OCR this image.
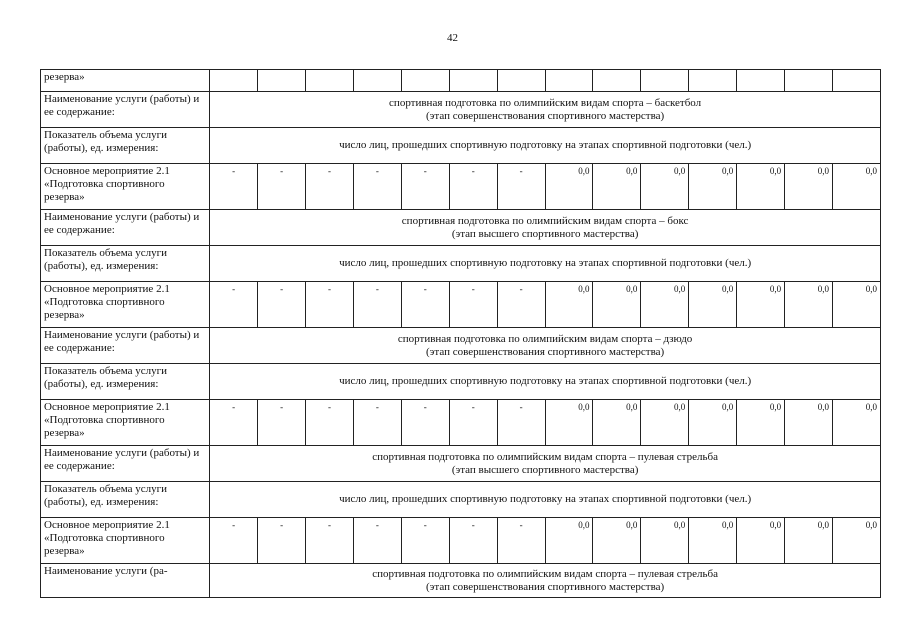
42
резерва»														
Наименование услуги (работы) и ее содержание:	спортивная подготовка по олимпийским видам спорта – баскетбол
(этап совершенствования спортивного мастерства)													

Показатель объема услуги (работы), ед. измерения:	число лиц, прошедших спортивную подготовку на этапах спортивной подготовки (чел.)													
Основное мероприятие 2.1 «Подготовка спортивного резерва»	-	-	-	-	-	-	-	0,0	0,0	0,0	0,0	0,0	0,0	0,0
Наименование услуги (работы) и ее содержание:	спортивная подготовка по олимпийским видам спорта – бокс
(этап высшего спортивного мастерства)													

Показатель объема услуги (работы), ед. измерения:	число лиц, прошедших спортивную подготовку на этапах спортивной подготовки (чел.)													
Основное мероприятие 2.1 «Подготовка спортивного резерва»	-	-	-	-	-	-	-	0,0	0,0	0,0	0,0	0,0	0,0	0,0
Наименование услуги (работы) и ее содержание:	спортивная подготовка по олимпийским видам спорта – дзюдо
(этап совершенствования спортивного мастерства)													

Показатель объема услуги (работы), ед. измерения:	число лиц, прошедших спортивную подготовку на этапах спортивной подготовки (чел.)													
Основное мероприятие 2.1 «Подготовка спортивного резерва»	-	-	-	-	-	-	-	0,0	0,0	0,0	0,0	0,0	0,0	0,0
Наименование услуги (работы) и ее содержание:	спортивная подготовка по олимпийским видам спорта – пулевая стрельба
(этап высшего спортивного мастерства)													

Показатель объема услуги (работы), ед. измерения:	число лиц, прошедших спортивную подготовку на этапах спортивной подготовки (чел.)													
Основное мероприятие 2.1 «Подготовка спортивного резерва»	-	-	-	-	-	-	-	0,0	0,0	0,0	0,0	0,0	0,0	0,0
Наименование услуги (ра-	спортивная подготовка по олимпийским видам спорта – пулевая стрельба
(этап совершенствования спортивного мастерства)													
